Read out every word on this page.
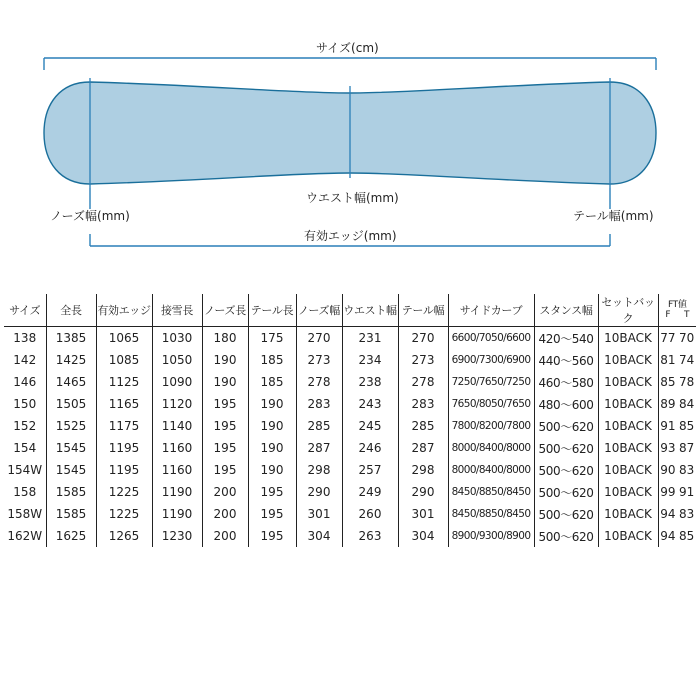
サイズ(cm)
ウエスト幅(mm)
ノーズ幅(mm)	テール幅(mm)
有効エッジ(mm)
サイズ	全長	有効エッジ	接雪長	ノーズ長	テール長	ノーズ幅	ウエスト幅	テール幅	サイドカーブ	スタンス幅	セットバック	FT値
F T

138	1385	1065	1030	180	175	270	231	270	6600/7050/6600	420～540	10BACK	77 70

142	1425	1085	1050	190	185	273	234	273	6900/7300/6900	440～560	10BACK	81 74

146	1465	1125	1090	190	185	278	238	278	7250/7650/7250	460～580	10BACK	85 78

150	1505	1165	1120	195	190	283	243	283	7650/8050/7650	480～600	10BACK	89 84

152	1525	1175	1140	195	190	285	245	285	7800/8200/7800	500～620	10BACK	91 85

154	1545	1195	1160	195	190	287	246	287	8000/8400/8000	500～620	10BACK	93 87

154W	1545	1195	1160	195	190	298	257	298	8000/8400/8000	500～620	10BACK	90 83

158	1585	1225	1190	200	195	290	249	290	8450/8850/8450	500～620	10BACK	99 91

158W	1585	1225	1190	200	195	301	260	301	8450/8850/8450	500～620	10BACK	94 83

162W	1625	1265	1230	200	195	304	263	304	8900/9300/8900	500～620	10BACK	94 85
